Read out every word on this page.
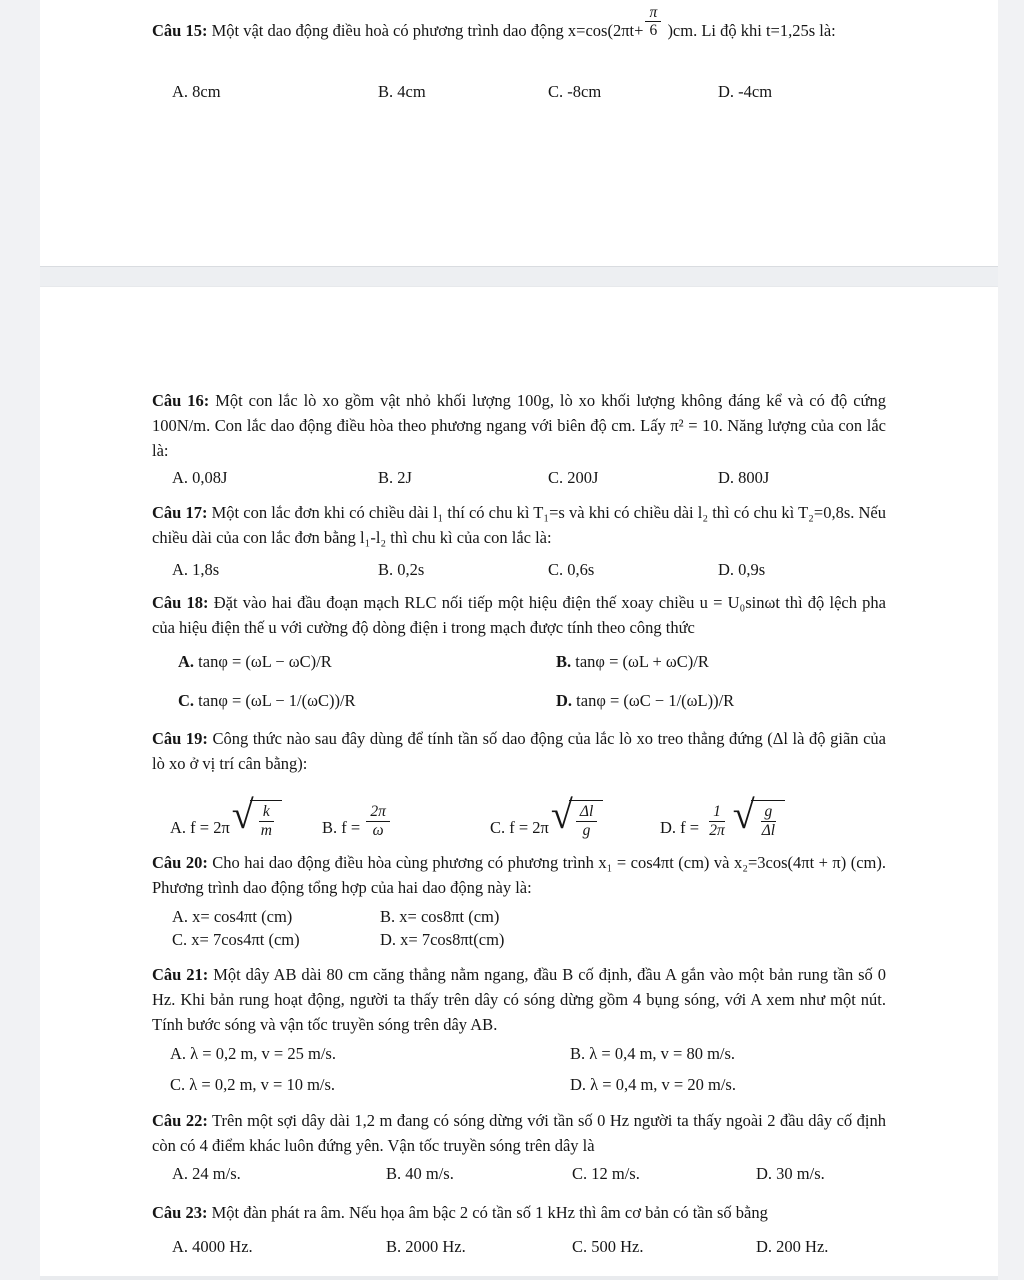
Câu 15: Một vật dao động điều hoà có phương trình dao động x=cos(2πt+
π
6 )cm. Li độ khi t=1,25s là:

A. 8cm	B. 4cm	C. -8cm	D. -4cm

Câu 16: Một con lắc lò xo gồm vật nhỏ khối lượng 100g, lò xo khối lượng không đáng kể và có độ cứng 100N/m. Con lắc dao động điều hòa theo phương ngang với biên độ cm. Lấy π² = 10. Năng lượng của con lắc là:

A. 0,08J	B. 2J	C. 200J	D. 800J

Câu 17: Một con lắc đơn khi có chiều dài l₁ thí có chu kì T₁=s và khi có chiều dài l₂ thì có chu kì T₂=0,8s. Nếu chiều dài của con lắc đơn bằng l₁-l₂ thì chu kì của con lắc là:

A. 1,8s	B. 0,2s	C. 0,6s	D. 0,9s

Câu 18: Đặt vào hai đầu đoạn mạch RLC nối tiếp một hiệu điện thế xoay chiều u = U₀sinωt thì độ lệch pha của hiệu điện thế u với cường độ dòng điện i trong mạch được tính theo công thức

A. tanφ = (ωL − ωC)/R	B. tanφ = (ωL + ωC)/R
C. tanφ = (ωL − 1/(ωC))/R	D. tanφ = (ωC − 1/(ωL))/R

Câu 19: Công thức nào sau đây dùng để tính tần số dao động của lắc lò xo treo thẳng đứng (Δl là độ giãn của lò xo ở vị trí cân bằng):

A. f = 2π √ $\frac{k}{m}$	B. $f = \frac{2\pi}{\omega}$	C. f = 2π √ $\frac{\Delta l}{g}$	D. $f = \frac{1}{2\pi}$ √ $\frac{g}{\Delta l}$

Câu 20: Cho hai dao động điều hòa cùng phương có phương trình x₁ = cos4πt (cm) và x₂=3cos(4πt + π) (cm). Phương trình dao động tổng hợp của hai dao động này là:

A. x= cos4πt (cm)	B. x= cos8πt (cm)
C. x= 7cos4πt (cm)	D. x= 7cos8πt(cm)

Câu 21: Một dây AB dài 80 cm căng thẳng nằm ngang, đầu B cố định, đầu A gắn vào một bản rung tần số 0 Hz. Khi bản rung hoạt động, người ta thấy trên dây có sóng dừng gồm 4 bụng sóng, với A xem như một nút. Tính bước sóng và vận tốc truyền sóng trên dây AB.

A. λ = 0,2 m, v = 25 m/s.	B. λ = 0,4 m, v = 80 m/s.
C. λ = 0,2 m, v = 10 m/s.	D. λ = 0,4 m, v = 20 m/s.

Câu 22: Trên một sợi dây dài 1,2 m đang có sóng dừng với tần số 0 Hz người ta thấy ngoài 2 đầu dây cố định còn có 4 điểm khác luôn đứng yên. Vận tốc truyền sóng trên dây là

A. 24 m/s.	B. 40 m/s.	C. 12 m/s.	D. 30 m/s.

Câu 23: Một đàn phát ra âm. Nếu họa âm bậc 2 có tần số 1 kHz thì âm cơ bản có tần số bằng

A. 4000 Hz.	B. 2000 Hz.	C. 500 Hz.	D. 200 Hz.
